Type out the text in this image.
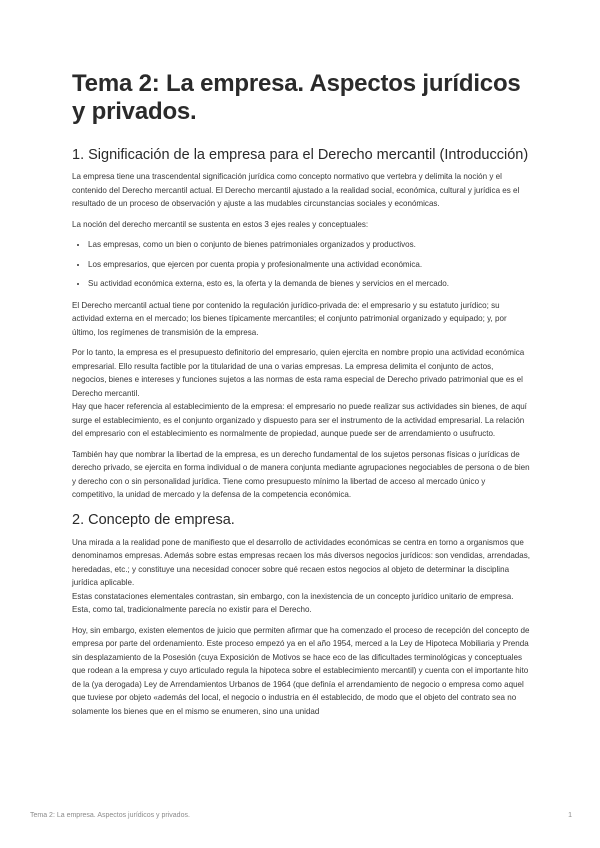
Tema 2: La empresa. Aspectos jurídicos y privados.
1. Significación de la empresa para el Derecho mercantil (Introducción)

La empresa tiene una trascendental significación jurídica como concepto normativo que vertebra y delimita la noción y el contenido del Derecho mercantil actual. El Derecho mercantil ajustado a la realidad social, económica, cultural y jurídica es el resultado de un proceso de observación y ajuste a las mudables circunstancias sociales y económicas.

La noción del derecho mercantil se sustenta en estos 3 ejes reales y conceptuales:

• Las empresas, como un bien o conjunto de bienes patrimoniales organizados y productivos.
• Los empresarios, que ejercen por cuenta propia y profesionalmente una actividad económica.
• Su actividad económica externa, esto es, la oferta y la demanda de bienes y servicios en el mercado.

El Derecho mercantil actual tiene por contenido la regulación jurídico-privada de: el empresario y su estatuto jurídico; su actividad externa en el mercado; los bienes típicamente mercantiles; el conjunto patrimonial organizado y equipado; y, por último, los regímenes de transmisión de la empresa.

Por lo tanto, la empresa es el presupuesto definitorio del empresario, quien ejercita en nombre propio una actividad económica empresarial. Ello resulta factible por la titularidad de una o varias empresas. La empresa delimita el conjunto de actos, negocios, bienes e intereses y funciones sujetos a las normas de esta rama especial de Derecho privado patrimonial que es el Derecho mercantil.

Hay que hacer referencia al establecimiento de la empresa: el empresario no puede realizar sus actividades sin bienes, de aquí surge el establecimiento, es el conjunto organizado y dispuesto para ser el instrumento de la actividad empresarial. La relación del empresario con el establecimiento es normalmente de propiedad, aunque puede ser de arrendamiento o usufructo.

También hay que nombrar la libertad de la empresa, es un derecho fundamental de los sujetos personas físicas o jurídicas de derecho privado, se ejercita en forma individual o de manera conjunta mediante agrupaciones negociables de persona o de bien y derecho con o sin personalidad jurídica. Tiene como presupuesto mínimo la libertad de acceso al mercado único y competitivo, la unidad de mercado y la defensa de la competencia económica.

2. Concepto de empresa.

Una mirada a la realidad pone de manifiesto que el desarrollo de actividades económicas se centra en torno a organismos que denominamos empresas. Además sobre estas empresas recaen los más diversos negocios jurídicos: son vendidas, arrendadas, heredadas, etc.; y constituye una necesidad conocer sobre qué recaen estos negocios al objeto de determinar la disciplina jurídica aplicable.

Estas constataciones elementales contrastan, sin embargo, con la inexistencia de un concepto jurídico unitario de empresa. Esta, como tal, tradicionalmente parecía no existir para el Derecho.

Hoy, sin embargo, existen elementos de juicio que permiten afirmar que ha comenzado el proceso de recepción del concepto de empresa por parte del ordenamiento. Este proceso empezó ya en el año 1954, merced a la Ley de Hipoteca Mobiliaria y Prenda sin desplazamiento de la Posesión (cuya Exposición de Motivos se hace eco de las dificultades terminológicas y conceptuales que rodean a la empresa y cuyo articulado regula la hipoteca sobre el establecimiento mercantil) y cuenta con el importante hito de la (ya derogada) Ley de Arrendamientos Urbanos de 1964 (que definía el arrendamiento de negocio o empresa como aquel que tuviese por objeto «además del local, el negocio o industria en él establecido, de modo que el objeto del contrato sea no solamente los bienes que en el mismo se enumeren, sino una unidad

Tema 2: La empresa. Aspectos jurídicos y privados.	1
